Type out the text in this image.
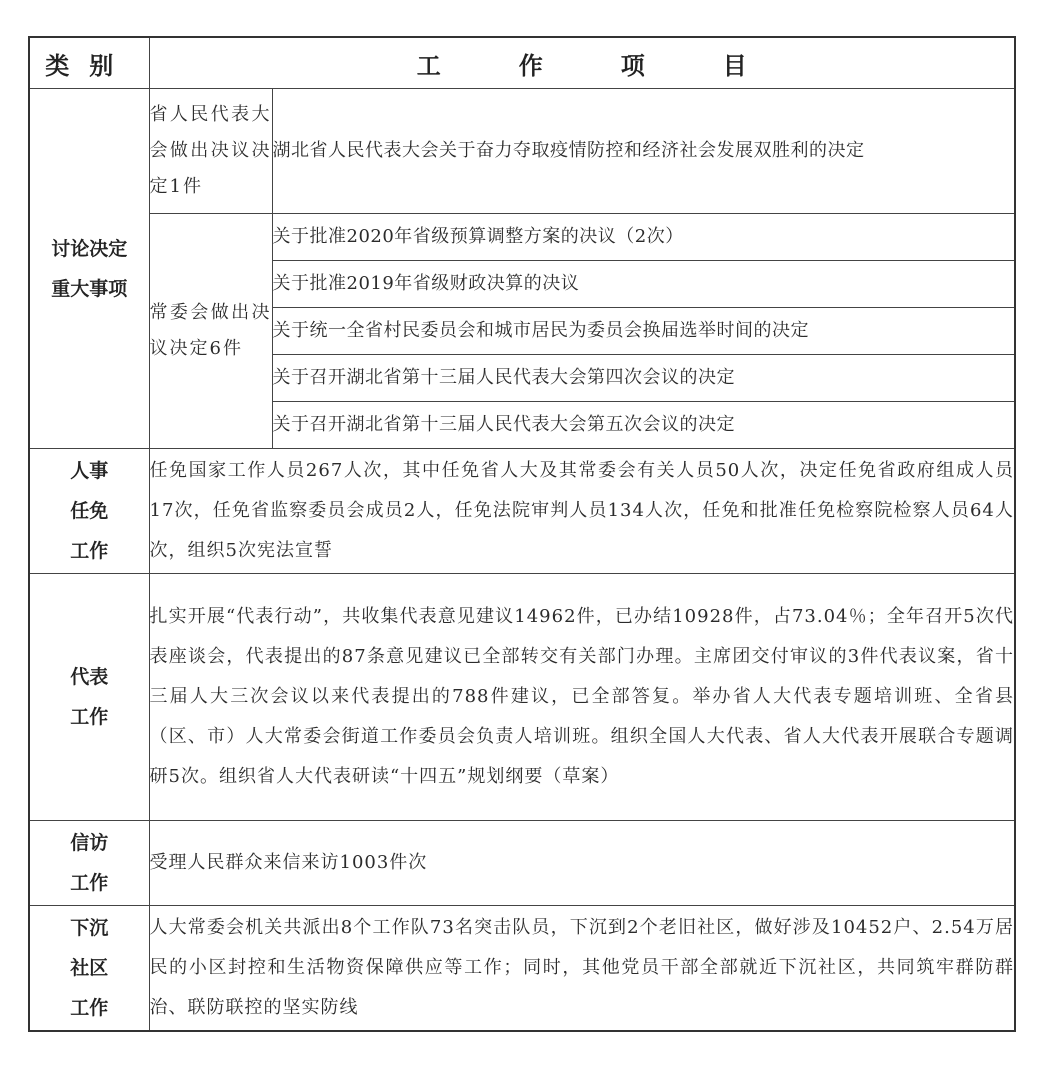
类别	工 作 项 目	

讨论决定
重大事项	省人民代表大会做出决议决定1件	湖北省人民代表大会关于奋力夺取疫情防控和经济社会发展双胜利的决定
	常委会做出决议决定6件	关于批准2020年省级预算调整方案的决议（2次）
		关于批准2019年省级财政决算的决议
		关于统一全省村民委员会和城市居民为委员会换届选举时间的决定
		关于召开湖北省第十三届人民代表大会第四次会议的决定
		关于召开湖北省第十三届人民代表大会第五次会议的决定

人事
任免
工作	任免国家工作人员267人次，其中任免省人大及其常委会有关人员50人次，决定任免省政府组成人员17次，任免省监察委员会成员2人，任免法院审判人员134人次，任免和批准任免检察院检察人员64人次，组织5次宪法宣誓	

代表
工作	扎实开展“代表行动”，共收集代表意见建议14962件，已办结10928件，占73.04％；全年召开5次代表座谈会，代表提出的87条意见建议已全部转交有关部门办理。主席团交付审议的3件代表议案，省十三届人大三次会议以来代表提出的788件建议，已全部答复。举办省人大代表专题培训班、全省县（区、市）人大常委会街道工作委员会负责人培训班。组织全国人大代表、省人大代表开展联合专题调研5次。组织省人大代表研读“十四五”规划纲要（草案）	

信访
工作	受理人民群众来信来访1003件次	

下沉
社区
工作	人大常委会机关共派出8个工作队73名突击队员，下沉到2个老旧社区，做好涉及10452户、2.54万居民的小区封控和生活物资保障供应等工作；同时，其他党员干部全部就近下沉社区，共同筑牢群防群治、联防联控的坚实防线	
